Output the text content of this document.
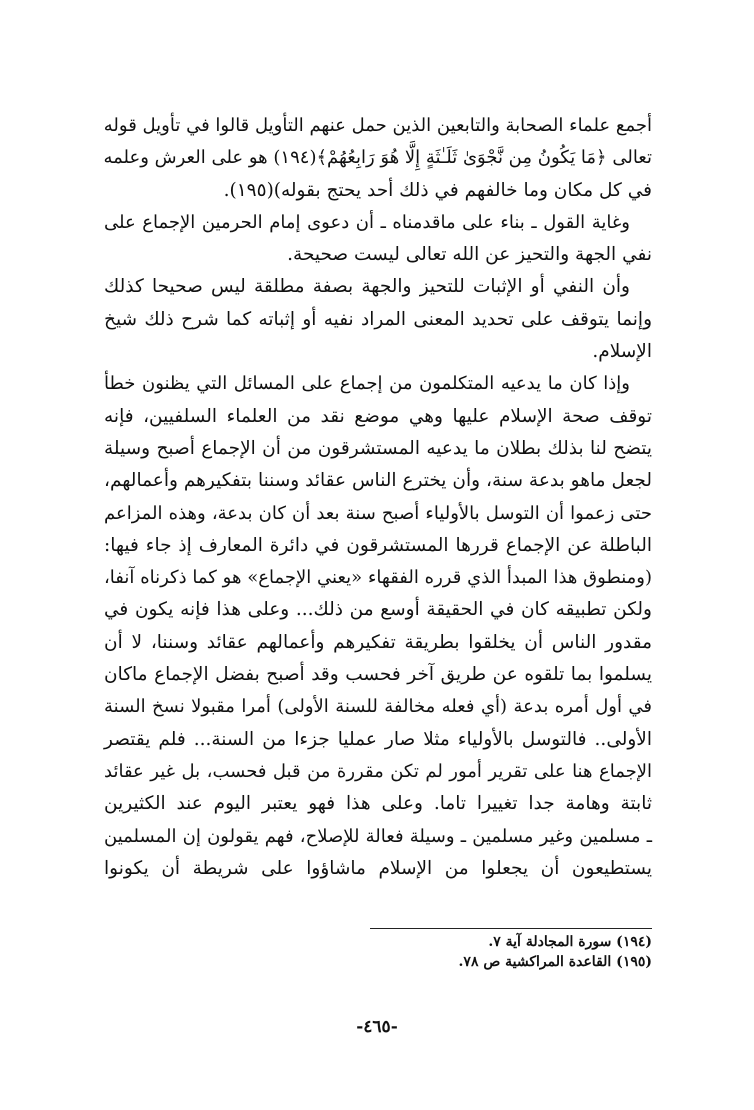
أجمع علماء الصحابة والتابعين الذين حمل عنهم التأويل قالوا في تأويل قوله
تعالى ﴿مَا يَكُونُ مِن نَّجْوَىٰ ثَلَـٰثَةٍ إِلَّا هُوَ رَابِعُهُمْ﴾(١٩٤) هو على العرش وعلمه
في كل مكان وما خالفهم في ذلك أحد يحتج بقوله)(١٩٥).
وغاية القول ـ بناء على ماقدمناه ـ أن دعوى إمام الحرمين الإجماع على
نفي الجهة والتحيز عن الله تعالى ليست صحيحة.
وأن النفي أو الإثبات للتحيز والجهة بصفة مطلقة ليس صحيحا كذلك
وإنما يتوقف على تحديد المعنى المراد نفيه أو إثباته كما شرح ذلك شيخ
الإسلام.
وإذا كان ما يدعيه المتكلمون من إجماع على المسائل التي يظنون خطأ
توقف صحة الإسلام عليها وهي موضع نقد من العلماء السلفيين، فإنه
يتضح لنا بذلك بطلان ما يدعيه المستشرقون من أن الإجماع أصبح وسيلة
لجعل ماهو بدعة سنة، وأن يخترع الناس عقائد وسننا بتفكيرهم وأعمالهم،
حتى زعموا أن التوسل بالأولياء أصبح سنة بعد أن كان بدعة، وهذه المزاعم
الباطلة عن الإجماع قررها المستشرقون في دائرة المعارف إذ جاء فيها:
(ومنطوق هذا المبدأ الذي قرره الفقهاء «يعني الإجماع» هو كما ذكرناه آنفا،
ولكن تطبيقه كان في الحقيقة أوسع من ذلك... وعلى هذا فإنه يكون في
مقدور الناس أن يخلقوا بطريقة تفكيرهم وأعمالهم عقائد وسننا، لا أن
يسلموا بما تلقوه عن طريق آخر فحسب وقد أصبح بفضل الإجماع ماكان
في أول أمره بدعة (أي فعله مخالفة للسنة الأولى) أمرا مقبولا نسخ السنة
الأولى.. فالتوسل بالأولياء مثلا صار عمليا جزءا من السنة... فلم يقتصر
الإجماع هنا على تقرير أمور لم تكن مقررة من قبل فحسب، بل غير عقائد
ثابتة وهامة جدا تغييرا تاما. وعلى هذا فهو يعتبر اليوم عند الكثيرين
ـ مسلمين وغير مسلمين ـ وسيلة فعالة للإصلاح، فهم يقولون إن المسلمين
يستطيعون أن يجعلوا من الإسلام ماشاؤوا على شريطة أن يكونوا
(١٩٤) سورة المجادلة آية ٧.
(١٩٥) القاعدة المراكشية ص ٧٨.
-٤٦٥-
